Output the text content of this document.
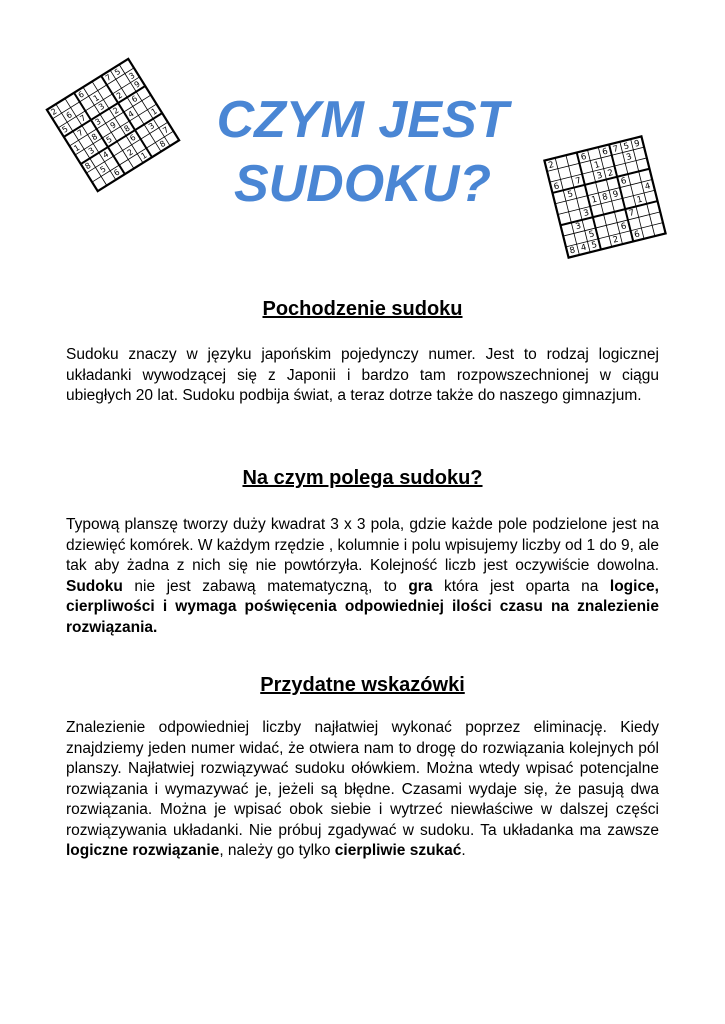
2
6
7
5
6
1
3
5
7
3
2
9
7
3
2
6
1
8
9
4
3
5
8
1
8
4
6
3
5
2
7
6
1
8
2
6
7 5 9
6
1
3
6 7 3 2
5
6
1 8 9
4
3
1
3
7
5
6
8 4 5 2 6
CZYM JEST
SUDOKU?
Pochodzenie sudoku

Sudoku znaczy w języku japońskim pojedynczy numer. Jest to rodzaj logicznej układanki wywodzącej się z Japonii i bardzo tam rozpowszechnionej w ciągu ubiegłych 20 lat. Sudoku podbija świat, a teraz dotrze także do naszego gimnazjum.

Na czym polega sudoku?

Typową planszę tworzy duży kwadrat 3 x 3 pola, gdzie każde pole podzielone jest na dziewięć komórek. W każdym rzędzie , kolumnie i polu wpisujemy liczby od 1 do 9, ale tak aby żadna z nich się nie powtórzyła. Kolejność liczb jest oczywiście dowolna. Sudoku nie jest zabawą matematyczną, to gra która jest oparta na logice, cierpliwości i wymaga poświęcenia odpowiedniej ilości czasu na znalezienie rozwiązania.

Przydatne wskazówki

Znalezienie odpowiedniej liczby najłatwiej wykonać poprzez eliminację. Kiedy znajdziemy jeden numer widać, że otwiera nam to drogę do rozwiązania kolejnych pól planszy. Najłatwiej rozwiązywać sudoku ołówkiem. Można wtedy wpisać potencjalne rozwiązania i wymazywać je, jeżeli są błędne. Czasami wydaje się, że pasują dwa rozwiązania. Można je wpisać obok siebie i wytrzeć niewłaściwe w dalszej części rozwiązywania układanki. Nie próbuj zgadywać w sudoku. Ta układanka ma zawsze logiczne rozwiązanie, należy go tylko cierpliwie szukać.
